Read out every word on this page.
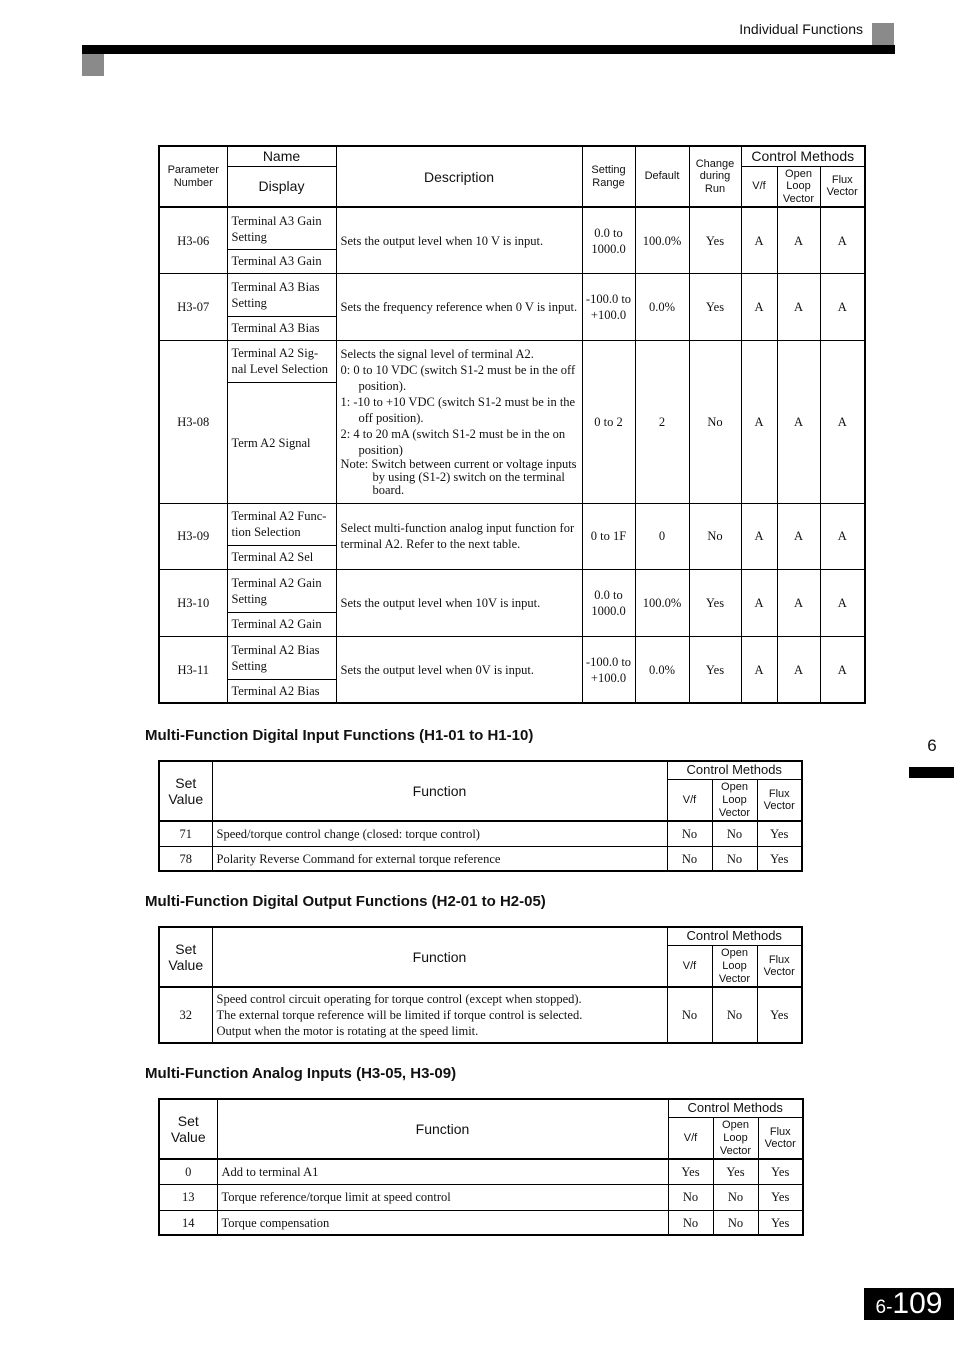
Individual Functions
6
Parameter Number	Name	Description	Setting Range	Default	Change during Run	Control Methods		
	Display					V/f	Open Loop Vector	Flux Vector
H3-06	Terminal A3 Gain Setting	Sets the output level when 10 V is input.	0.0 to 1000.0	100.0%	Yes	A	A	A
	Terminal A3 Gain							
H3-07	Terminal A3 Bias Setting	Sets the frequency reference when 0 V is input.	-100.0 to +100.0	0.0%	Yes	A	A	A
	Terminal A3 Bias							
H3-08	Terminal A2 Sig-nal Level Selection	Selects the signal level of terminal A2.
0: 0 to 10 VDC (switch S1-2 must be in the off position).
1: -10 to +10 VDC (switch S1-2 must be in the off position).
2: 4 to 20 mA (switch S1-2 must be in the on position)
Note: Switch between current or voltage inputs by using (S1-2) switch on the terminal board.	0 to 2	2	No	A	A	A
	Term A2 Signal							
H3-09	Terminal A2 Func-tion Selection	Select multi-function analog input function for terminal A2. Refer to the next table.	0 to 1F	0	No	A	A	A
	Terminal A2 Sel							
H3-10	Terminal A2 Gain Setting	Sets the output level when 10V is input.	0.0 to 1000.0	100.0%	Yes	A	A	A
	Terminal A2 Gain							
H3-11	Terminal A2 Bias Setting	Sets the output level when 0V is input.	-100.0 to +100.0	0.0%	Yes	A	A	A
	Terminal A2 Bias							
Multi-Function Digital Input Functions (H1-01 to H1-10)
Set Value	Function	Control Methods		
		V/f	Open Loop Vector	Flux Vector
71	Speed/torque control change (closed: torque control)	No	No	Yes
78	Polarity Reverse Command for external torque reference	No	No	Yes
Multi-Function Digital Output Functions (H2-01 to H2-05)
Set Value	Function	Control Methods		
		V/f	Open Loop Vector	Flux Vector
32	Speed control circuit operating for torque control (except when stopped).
The external torque reference will be limited if torque control is selected.
Output when the motor is rotating at the speed limit.	No	No	Yes
Multi-Function Analog Inputs (H3-05, H3-09)
Set Value	Function	Control Methods		
		V/f	Open Loop Vector	Flux Vector
0	Add to terminal A1	Yes	Yes	Yes
13	Torque reference/torque limit at speed control	No	No	Yes
14	Torque compensation	No	No	Yes
6- 109
